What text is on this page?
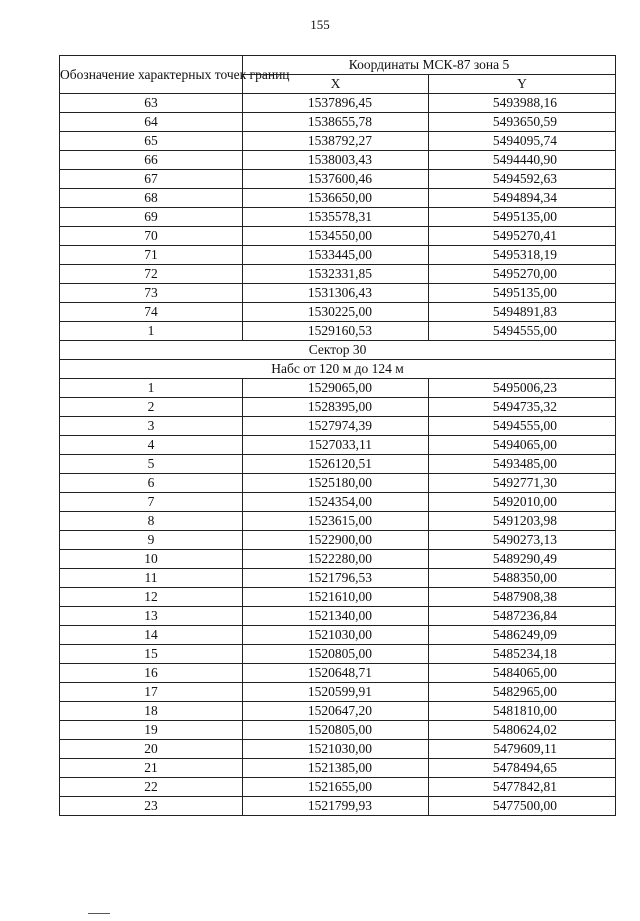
155
Обозначение характерных точек границ	Координаты МСК-87 зона 5	
	X	Y
63	1537896,45	5493988,16
64	1538655,78	5493650,59
65	1538792,27	5494095,74
66	1538003,43	5494440,90
67	1537600,46	5494592,63
68	1536650,00	5494894,34
69	1535578,31	5495135,00
70	1534550,00	5495270,41
71	1533445,00	5495318,19
72	1532331,85	5495270,00
73	1531306,43	5495135,00
74	1530225,00	5494891,83
1	1529160,53	5494555,00
Сектор 30		
Набс от 120 м до 124 м		
1	1529065,00	5495006,23
2	1528395,00	5494735,32
3	1527974,39	5494555,00
4	1527033,11	5494065,00
5	1526120,51	5493485,00
6	1525180,00	5492771,30
7	1524354,00	5492010,00
8	1523615,00	5491203,98
9	1522900,00	5490273,13
10	1522280,00	5489290,49
11	1521796,53	5488350,00
12	1521610,00	5487908,38
13	1521340,00	5487236,84
14	1521030,00	5486249,09
15	1520805,00	5485234,18
16	1520648,71	5484065,00
17	1520599,91	5482965,00
18	1520647,20	5481810,00
19	1520805,00	5480624,02
20	1521030,00	5479609,11
21	1521385,00	5478494,65
22	1521655,00	5477842,81
23	1521799,93	5477500,00
